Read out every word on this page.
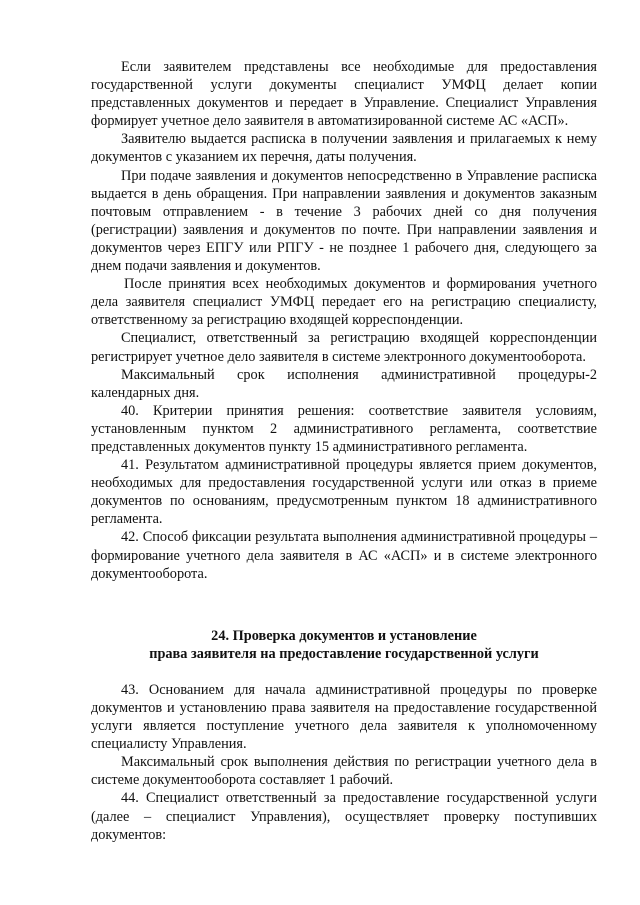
Если заявителем представлены все необходимые для предоставления государственной услуги документы специалист УМФЦ делает копии представленных документов и передает в Управление. Специалист Управления формирует учетное дело заявителя в автоматизированной системе АС «АСП».

Заявителю выдается расписка в получении заявления и прилагаемых к нему документов с указанием их перечня, даты получения.

При подаче заявления и документов непосредственно в Управление расписка выдается в день обращения. При направлении заявления и документов заказным почтовым отправлением - в течение 3 рабочих дней со дня получения (регистрации) заявления и документов по почте. При направлении заявления и документов через ЕПГУ или РПГУ - не позднее 1 рабочего дня, следующего за днем подачи заявления и документов.

После принятия всех необходимых документов и формирования учетного дела заявителя специалист УМФЦ передает его на регистрацию специалисту, ответственному за регистрацию входящей корреспонденции.

Специалист, ответственный за регистрацию входящей корреспонденции регистрирует учетное дело заявителя в системе электронного документооборота.

Максимальный срок исполнения административной процедуры-2 календарных дня.

40. Критерии принятия решения: соответствие заявителя условиям, установленным пунктом 2 административного регламента, соответствие представленных документов пункту 15 административного регламента.

41. Результатом административной процедуры является прием документов, необходимых для предоставления государственной услуги или отказ в приеме документов по основаниям, предусмотренным пунктом 18 административного регламента.

42. Способ фиксации результата выполнения административной процедуры – формирование учетного дела заявителя в АС «АСП» и в системе электронного документооборота.

24. Проверка документов и установление

права заявителя на предоставление государственной услуги

43. Основанием для начала административной процедуры по проверке документов и установлению права заявителя на предоставление государственной услуги является поступление учетного дела заявителя к уполномоченному специалисту Управления.

Максимальный срок выполнения действия по регистрации учетного дела в системе документооборота составляет 1 рабочий.

44. Специалист ответственный за предоставление государственной услуги (далее – специалист Управления), осуществляет проверку поступивших документов:
